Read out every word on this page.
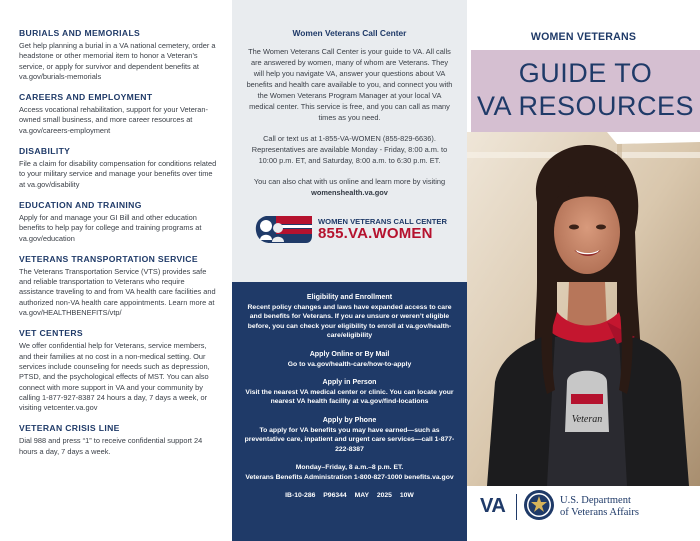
BURIALS AND MEMORIALS

Get help planning a burial in a VA national cemetery, order a headstone or other memorial item to honor a Veteran’s service, or apply for survivor and dependent benefits at va.gov/burials-memorials

CAREERS AND EMPLOYMENT

Access vocational rehabilitation, support for your Veteran-owned small business, and more career resources at va.gov/careers-employment

DISABILITY

File a claim for disability compensation for conditions related to your military service and manage your benefits over time at va.gov/disability

EDUCATION AND TRAINING

Apply for and manage your GI Bill and other education benefits to help pay for college and training programs at va.gov/education

VETERANS TRANSPORTATION SERVICE

The Veterans Transportation Service (VTS) provides safe and reliable transportation to Veterans who require assistance traveling to and from VA health care facilities and authorized non-VA health care appointments. Learn more at va.gov/HEALTHBENEFITS/vtp/

VET CENTERS

We offer confidential help for Veterans, service members, and their families at no cost in a non-medical setting. Our services include counseling for needs such as depression, PTSD, and the psychological effects of MST. You can also connect with more support in VA and your community by calling 1-877-927-8387 24 hours a day, 7 days a week, or visiting vetcenter.va.gov

VETERAN CRISIS LINE

Dial 988 and press “1” to receive confidential support 24 hours a day, 7 days a week.

Women Veterans Call Center

The Women Veterans Call Center is your guide to VA. All calls are answered by women, many of whom are Veterans. They will help you navigate VA, answer your questions about VA benefits and health care available to you, and connect you with the Women Veterans Program Manager at your local VA medical center. This service is free, and you can call as many times as you need.

Call or text us at 1-855-VA-WOMEN (855-829-6636). Representatives are available Monday - Friday, 8:00 a.m. to 10:00 p.m. ET, and Saturday, 8:00 a.m. to 6:30 p.m. ET.

You can also chat with us online and learn more by visiting
womenshealth.va.gov

WOMEN VETERANS CALL CENTER
855.VA.WOMEN
Eligibility and Enrollment

Recent policy changes and laws have expanded access to care and benefits for Veterans. If you are unsure or weren’t eligible before, you can check your eligibility to enroll at va.gov/health-care/eligibility

Apply Online or By Mail

Go to va.gov/health-care/how-to-apply

Apply in Person

Visit the nearest VA medical center or clinic. You can locate your nearest VA health facility at va.gov/find-locations

Apply by Phone

To apply for VA benefits you may have earned—such as preventative care, inpatient and urgent care services—call 1-877-222-8387

Monday–Friday, 8 a.m.–8 p.m. ET.

Veterans Benefits Administration 1-800-827-1000 benefits.va.gov

IB-10-286 P96344 MAY 2025 10W
WOMEN VETERANS
GUIDE TO
VA RESOURCES
Veteran
VA	U.S. Department
of Veterans Affairs
